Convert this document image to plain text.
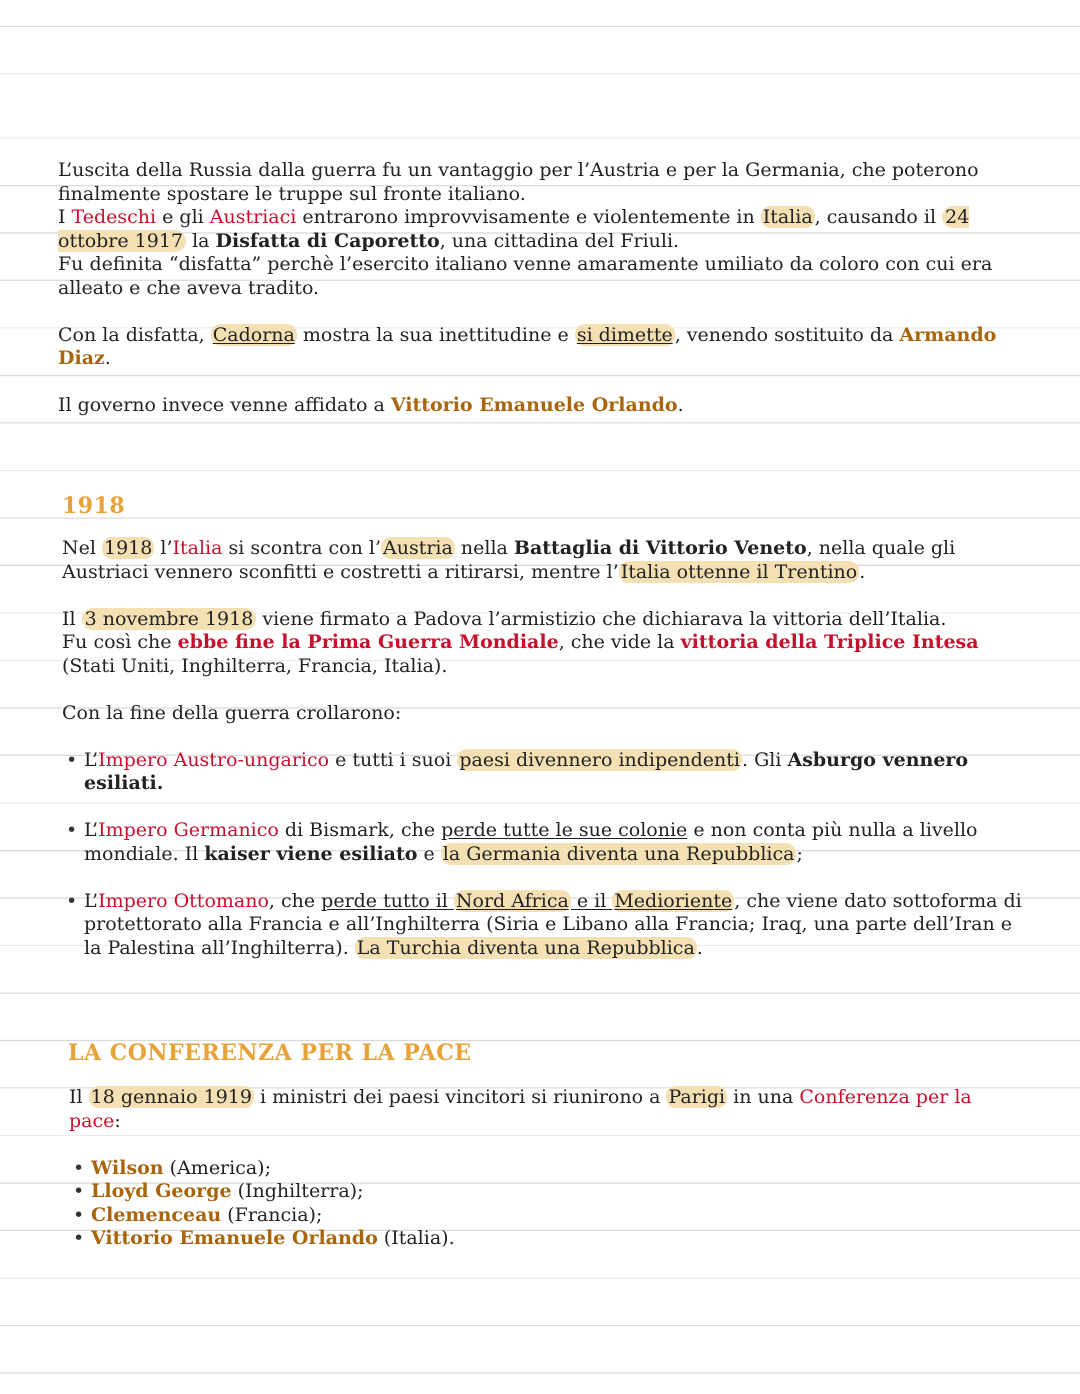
L’uscita della Russia dalla guerra fu un vantaggio per l’Austria e per la Germania, che poterono finalmente spostare le truppe sul fronte italiano.
I Tedeschi e gli Austriaci entrarono improvvisamente e violentemente in Italia , causando il 24 ottobre 1917 la Disfatta di Caporetto, una cittadina del Friuli.
Fu definita “disfatta” perchè l’esercito italiano venne amaramente umiliato da coloro con cui era alleato e che aveva tradito.

Con la disfatta, Cadorna mostra la sua inettitudine e si dimette , venendo sostituito da Armando Diaz.

Il governo invece venne affidato a Vittorio Emanuele Orlando.

1918

Nel 1918 l’Italia si scontra con l’ Austria nella Battaglia di Vittorio Veneto, nella quale gli Austriaci vennero sconfitti e costretti a ritirarsi, mentre l’ Italia ottenne il Trentino .

Il 3 novembre 1918 viene firmato a Padova l’armistizio che dichiarava la vittoria dell’Italia.
Fu così che ebbe fine la Prima Guerra Mondiale, che vide la vittoria della Triplice Intesa (Stati Uniti, Inghilterra, Francia, Italia).

Con la fine della guerra crollarono:

• L’Impero Austro-ungarico e tutti i suoi paesi divennero indipendenti . Gli Asburgo vennero esiliati.
• L’Impero Germanico di Bismark, che perde tutte le sue colonie e non conta più nulla a livello mondiale. Il kaiser viene esiliato e la Germania diventa una Repubblica ;
• L’Impero Ottomano, che perde tutto il Nord Africa e il Medioriente , che viene dato sottoforma di protettorato alla Francia e all’Inghilterra (Siria e Libano alla Francia; Iraq, una parte dell’Iran e la Palestina all’Inghilterra). La Turchia diventa una Repubblica .
LA CONFERENZA PER LA PACE

Il 18 gennaio 1919 i ministri dei paesi vincitori si riunirono a Parigi in una Conferenza per la pace:

• Wilson (America);
• Lloyd George (Inghilterra);
• Clemenceau (Francia);
• Vittorio Emanuele Orlando (Italia).
